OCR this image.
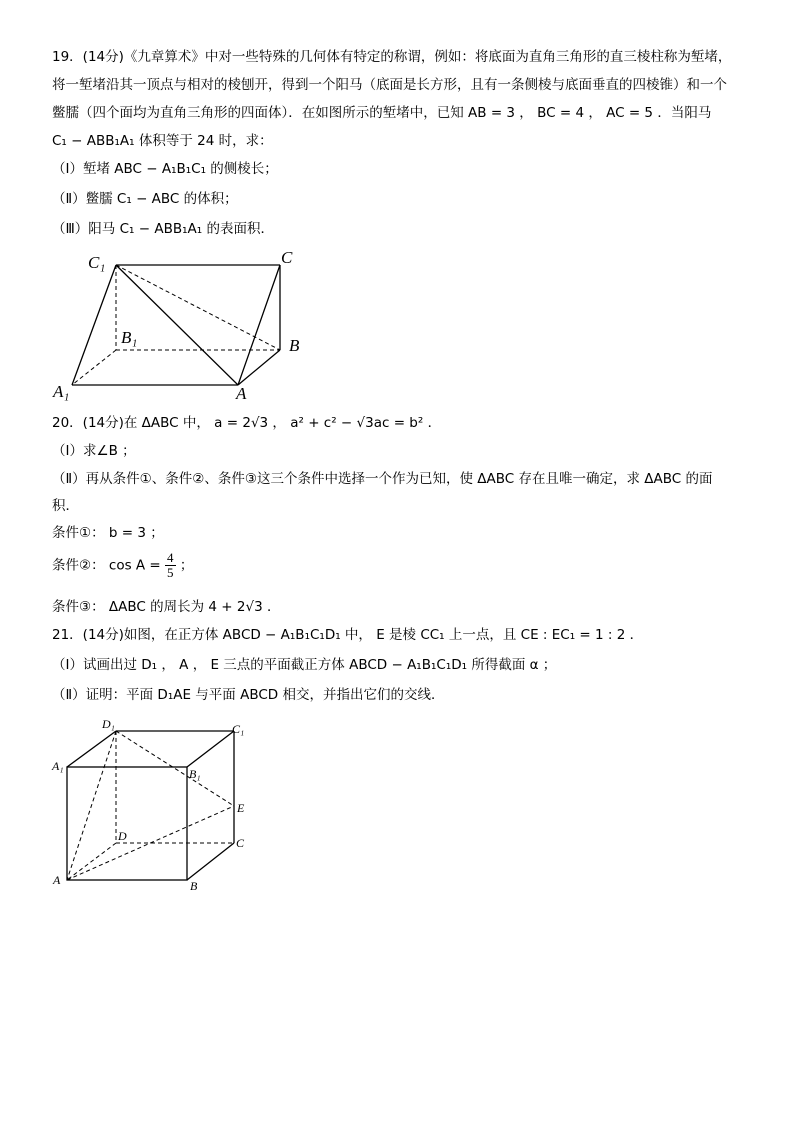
19．(14分)《九章算术》中对一些特殊的几何体有特定的称谓，例如：将底面为直角三角形的直三棱柱称为堑堵，
将一堑堵沿其一顶点与相对的棱刨开，得到一个阳马（底面是长方形，且有一条侧棱与底面垂直的四棱锥）和一个
鳖臑（四个面均为直角三角形的四面体）．在如图所示的堑堵中，已知 AB = 3 ， BC = 4 ， AC = 5 ．当阳马
C₁ − ABB₁A₁ 体积等于 24 时，求：
（Ⅰ）堑堵 ABC − A₁B₁C₁ 的侧棱长；
（Ⅱ）鳖臑 C₁ − ABC 的体积；
（Ⅲ）阳马 C₁ − ABB₁A₁ 的表面积．
C₁	C
B₁	B
A₁	A
20．(14分)在 ΔABC 中， a = 2√3 ， a² + c² − √3ac = b² ．
（Ⅰ）求∠B ；
（Ⅱ）再从条件①、条件②、条件③这三个条件中选择一个作为已知，使 ΔABC 存在且唯一确定，求 ΔABC 的面
积．
条件①： b = 3 ；
条件②： $\cos A = \frac{4}{5}$ ；
条件③： ΔABC 的周长为 4 + 2√3 ．
21．(14分)如图，在正方体 ABCD − A₁B₁C₁D₁ 中， E 是棱 CC₁ 上一点，且 CE : EC₁ = 1 : 2 ．
（Ⅰ）试画出过 D₁ ， A ， E 三点的平面截正方体 ABCD − A₁B₁C₁D₁ 所得截面 α ；
（Ⅱ）证明：平面 D₁AE 与平面 ABCD 相交，并指出它们的交线．
D₁	C₁
A₁
B₁
E
D	C
A	B
